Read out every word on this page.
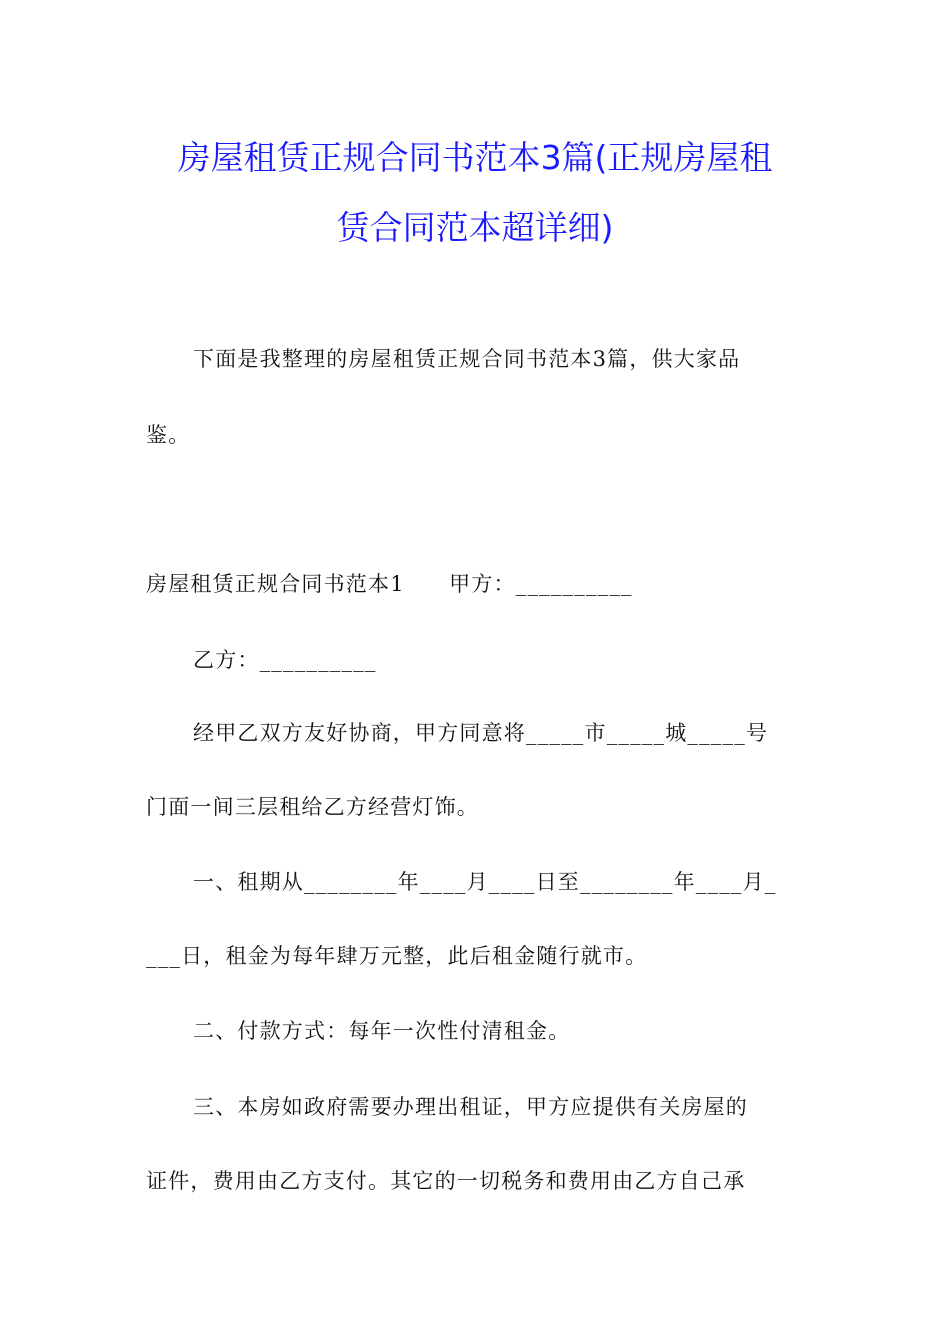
房屋租赁正规合同书范本3篇(正规房屋租
赁合同范本超详细)
下面是我整理的房屋租赁正规合同书范本3篇，供大家品
鉴。
房屋租赁正规合同书范本1　　甲方：__________
乙方：__________
经甲乙双方友好协商，甲方同意将_____市_____城_____号
门面一间三层租给乙方经营灯饰。
一、租期从________年____月____日至________年____月_
___日，租金为每年肆万元整，此后租金随行就市。
二、付款方式：每年一次性付清租金。
三、本房如政府需要办理出租证，甲方应提供有关房屋的
证件，费用由乙方支付。其它的一切税务和费用由乙方自己承
